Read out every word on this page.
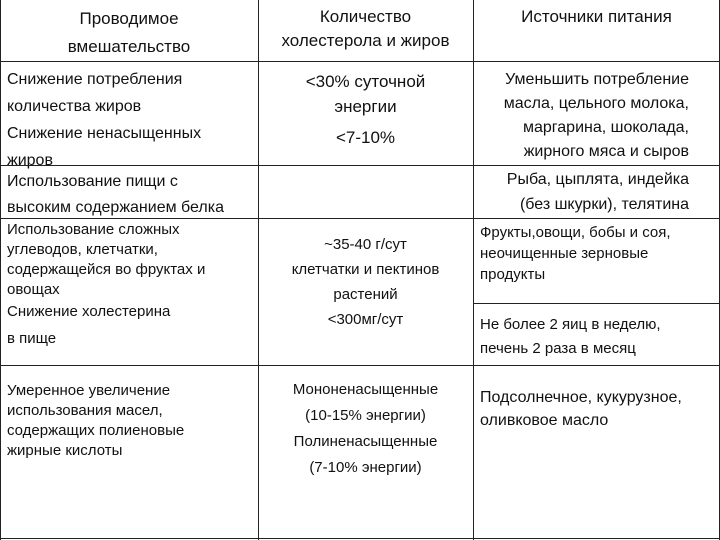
Проводимое
вмешательство
Количество
холестерола и жиров
Источники питания
Снижение потребления
количества жиров
Снижение ненасыщенных
жиров
<30% суточной
энергии
<7-10%
Уменьшить потребление
масла, цельного молока,
маргарина, шоколада,
жирного мяса и сыров
Использование пищи с
высоким содержанием белка
Рыба, цыплята, индейка
(без шкурки), телятина
Использование сложных
углеводов, клетчатки,
содержащейся во фруктах и
овощах
Снижение холестерина
в пище
~35-40 г/сут
клетчатки и пектинов
растений
<300мг/сут
Фрукты,овощи, бобы и соя,
неочищенные зерновые
продукты
Не более 2 яиц в неделю,
печень 2 раза в месяц
Умеренное увеличение
использования масел,
содержащих полиеновые
жирные кислоты
Мононенасыщенные
(10-15% энергии)
Полиненасыщенные
(7-10% энергии)
Подсолнечное, кукурузное,
оливковое масло
